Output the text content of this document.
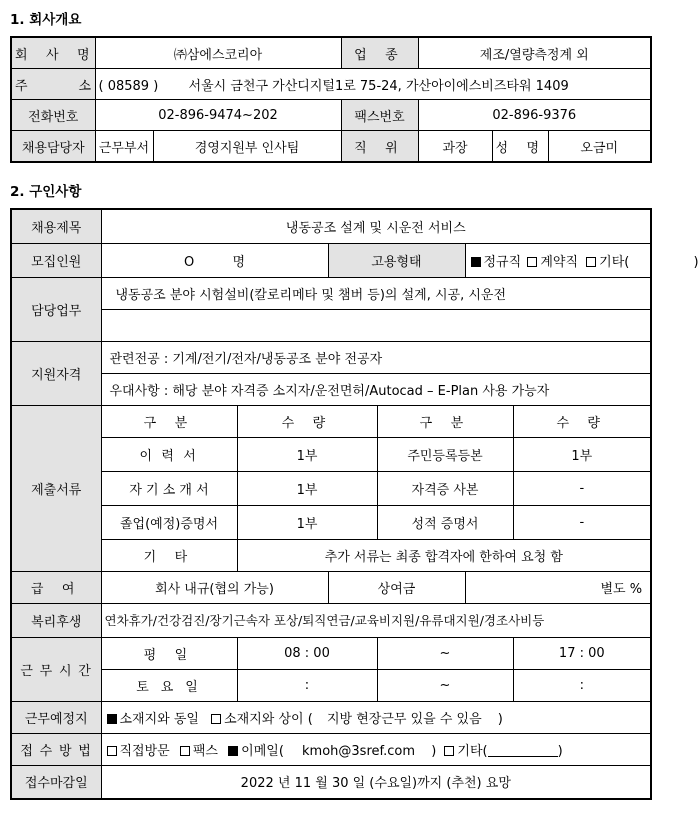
1. 회사개요
회 사 명	㈜삼에스코리아		업 종	제조/열량측정계 외		

주 소	( 08589 ) 서울시 금천구 가산디지털1로 75-24, 가산아이에스비즈타워 1409					
전화번호	02-896-9474~202		팩스번호	02-896-9376		
채용담당자	근무부서	경영지원부 인사팀	직 위	과장	성 명	오금미
2. 구인사항
채용제목	냉동공조 설계 및 시운전 서비스					
모집인원	O 명		고용형태		정규직 계약직 기타( )	
담당업무	냉동공조 분야 시험설비(칼로리메타 및 챔버 등)의 설계, 시공, 시운전					

지원자격	관련전공 : 기계/전기/전자/냉동공조 분야 전공자					
	우대사항 : 해당 분야 자격증 소지자/운전면허/Autocad – E-Plan 사용 가능자					
제출서류	구 분	수 량		구 분		수 량
	이 력 서	1부		주민등록등본		1부
	자 기 소 개 서	1부		자격증 사본		-
	졸업(예정)증명서	1부		성적 증명서		-
	기 타	추가 서류는 최종 합격자에 한하여 요청 함				
급 여	회사 내규(협의 가능)		상여금		별도 %	
복리후생	연차휴가/건강검진/장기근속자 포상/퇴직연금/교육비지원/유류대지원/경조사비등					
근 무 시 간	평 일	08 : 00		~		17 : 00
	토 요 일	:		~		:
근무예정지	소재지와 동일 소재지와 상이 ( 지방 현장근무 있을 수 있음 )					
접 수 방 법	직접방문 팩스 이메일( kmoh@3sref.com ) 기타( )					
접수마감일	2022 년 11 월 30 일 (수요일)까지 (추천) 요망					
